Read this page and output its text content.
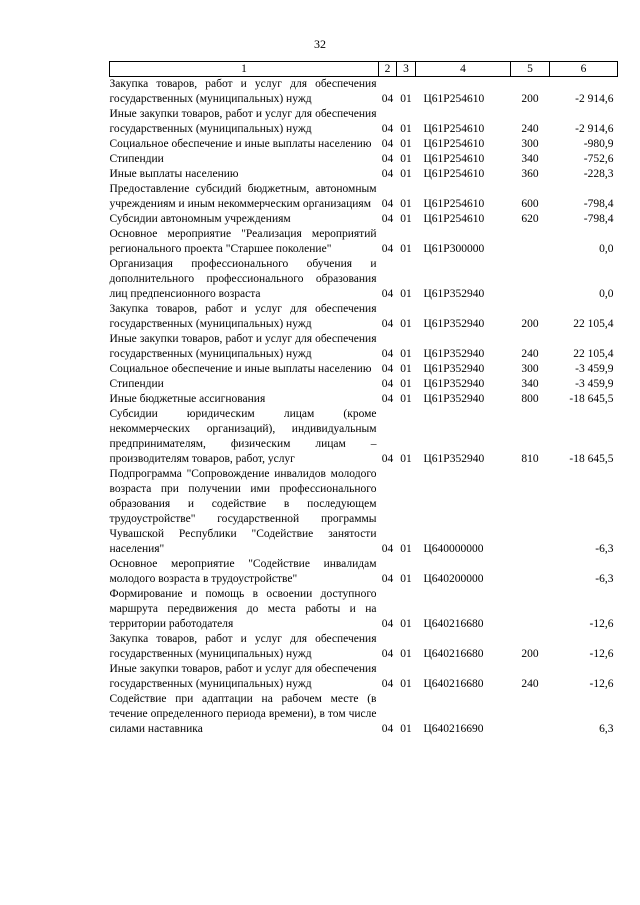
32
1	2	3	4	5	6
Закупка товаров, работ и услуг для обеспечения государственных (муниципальных) нужд	04	01	Ц61Р254610	200	-2 914,6
Иные закупки товаров, работ и услуг для обеспечения государственных (муниципальных) нужд	04	01	Ц61Р254610	240	-2 914,6
Социальное обеспечение и иные выплаты населению	04	01	Ц61Р254610	300	-980,9
Стипендии	04	01	Ц61Р254610	340	-752,6
Иные выплаты населению	04	01	Ц61Р254610	360	-228,3
Предоставление субсидий бюджетным, автономным учреждениям и иным некоммерческим организациям	04	01	Ц61Р254610	600	-798,4
Субсидии автономным учреждениям	04	01	Ц61Р254610	620	-798,4
Основное мероприятие "Реализация мероприятий регионального проекта "Старшее поколение"	04	01	Ц61Р300000		0,0
Организация профессионального обучения и дополнительного профессионального образования лиц предпенсионного возраста	04	01	Ц61Р352940		0,0
Закупка товаров, работ и услуг для обеспечения государственных (муниципальных) нужд	04	01	Ц61Р352940	200	22 105,4
Иные закупки товаров, работ и услуг для обеспечения государственных (муниципальных) нужд	04	01	Ц61Р352940	240	22 105,4
Социальное обеспечение и иные выплаты населению	04	01	Ц61Р352940	300	-3 459,9
Стипендии	04	01	Ц61Р352940	340	-3 459,9
Иные бюджетные ассигнования	04	01	Ц61Р352940	800	-18 645,5
Субсидии юридическим лицам (кроме некоммерческих организаций), индивидуальным предпринимателям, физическим лицам – производителям товаров, работ, услуг	04	01	Ц61Р352940	810	-18 645,5
Подпрограмма "Сопровождение инвалидов молодого возраста при получении ими профессионального образования и содействие в последующем трудоустройстве" государственной программы Чувашской Республики "Содействие занятости населения"	04	01	Ц640000000		-6,3
Основное мероприятие "Содействие инвалидам молодого возраста в трудоустройстве"	04	01	Ц640200000		-6,3
Формирование и помощь в освоении доступного маршрута передвижения до места работы и на территории работодателя	04	01	Ц640216680		-12,6
Закупка товаров, работ и услуг для обеспечения государственных (муниципальных) нужд	04	01	Ц640216680	200	-12,6
Иные закупки товаров, работ и услуг для обеспечения государственных (муниципальных) нужд	04	01	Ц640216680	240	-12,6
Содействие при адаптации на рабочем месте (в течение определенного периода времени), в том числе силами наставника	04	01	Ц640216690		6,3
